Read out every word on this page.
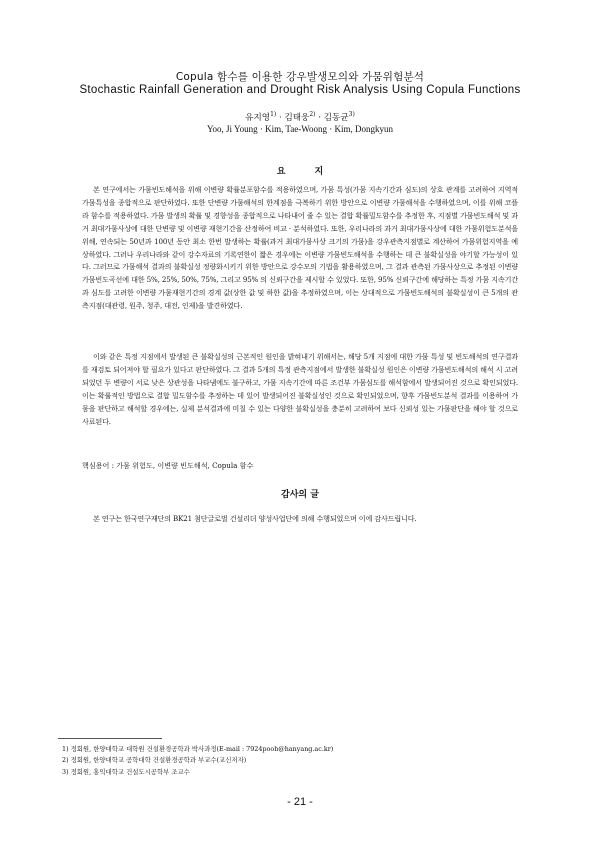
Copula 함수를 이용한 강우발생모의와 가뭄위험분석
Stochastic Rainfall Generation and Drought Risk Analysis Using Copula Functions
유지영$^{1)}$ · 김태웅$^{2)}$ · 김동균$^{3)}$
Yoo, Ji Young · Kim, Tae-Woong · Kim, Dongkyun
요 지

본 연구에서는 가뭄빈도해석을 위해 이변량 확률분포함수를 적용하였으며, 가뭄 특성(가뭄 지속기간과 심도)의 상호 관계를 고려하여 지역적 가뭄특성을 종합적으로 판단하였다. 또한 단변량 가뭄해석의 한계점을 극복하기 위한 방안으로 이변량 가뭄해석을 수행하였으며, 이를 위해 코플라 함수를 적용하였다. 가뭄 발생의 확률 및 경향성을 종합적으로 나타내어 줄 수 있는 결합 확률밀도함수를 추정한 후, 지점별 가뭄빈도해석 및 과거 최대가뭄사상에 대한 단변량 및 이변량 재현기간을 산정하여 비교 · 분석하였다. 또한, 우리나라의 과거 최대가뭄사상에 대한 가뭄위험도분석을 위해, 연속되는 50년과 100년 동안 최소 한번 발생하는 확률(과거 최대가뭄사상 크기의 가뭄)을 강우관측지점별로 계산하여 가뭄위험지역을 예상하였다. 그러나 우리나라와 같이 강수자료의 기록연한이 짧은 경우에는 이변량 가뭄빈도해석을 수행하는 데 큰 불확실성을 야기할 가능성이 있다. 그러므로 가뭄해석 결과의 불확실성 정량화시키기 위한 방안으로 강수모의 기법을 활용하였으며, 그 결과 관측된 가뭄사상으로 추정된 이변량 가뭄빈도곡선에 대한 5%, 25%, 50%, 75%, 그리고 95% 의 신뢰구간을 제시할 수 있었다. 또한, 95% 신뢰구간에 해당하는 특정 가뭄 지속기간과 심도를 고려한 이변량 가뭄재현기간의 경계 값(상한 값 및 하한 값)을 추정하였으며, 이는 상대적으로 가뭄빈도해석의 불확실성이 큰 5개의 관측지점(대관령, 원주, 청주, 대전, 인제)을 발견하였다.

이와 같은 특정 지점에서 발생된 큰 불확실성의 근본적인 원인을 밝혀내기 위해서는, 해당 5개 지점에 대한 가뭄 특성 및 빈도해석의 연구결과를 재검토 되어져야 할 필요가 있다고 판단하였다. 그 결과 5개의 특정 관측지점에서 발생한 불확실성 원인은 이변량 가뭄빈도해석의 해석 시 고려되었던 두 변량이 서로 낮은 상관성을 나타냄에도 불구하고, 가뭄 지속기간에 따른 조건부 가뭄심도를 해석함에서 발생되어진 것으로 확인되었다. 이는 확률적인 방법으로 결합 밀도함수를 추정하는 데 있어 발생되어진 불확실성인 것으로 확인되었으며, 향후 가뭄빈도분석 결과를 이용하여 가뭄을 판단하고 해석할 경우에는, 실제 분석결과에 미칠 수 있는 다양한 불확실성을 충분히 고려하여 보다 신뢰성 있는 가뭄판단을 해야 할 것으로 사료된다.

핵심용어 : 가뭄 위험도, 이변량 빈도해석, Copula 함수

감사의 글

본 연구는 한국연구재단의 BK21 첨단글로벌 건설리더 양성사업단에 의해 수행되었으며 이에 감사드립니다.

1) 정회원, 한양대학교 대학원 건설환경공학과 박사과정(E-mail : 7924pooh@hanyang.ac.kr)
2) 정회원, 한양대학교 공학대학 건설환경공학과 부교수(교신저자)
3) 정회원, 홍익대학교 건설도시공학부 조교수
- 21 -
